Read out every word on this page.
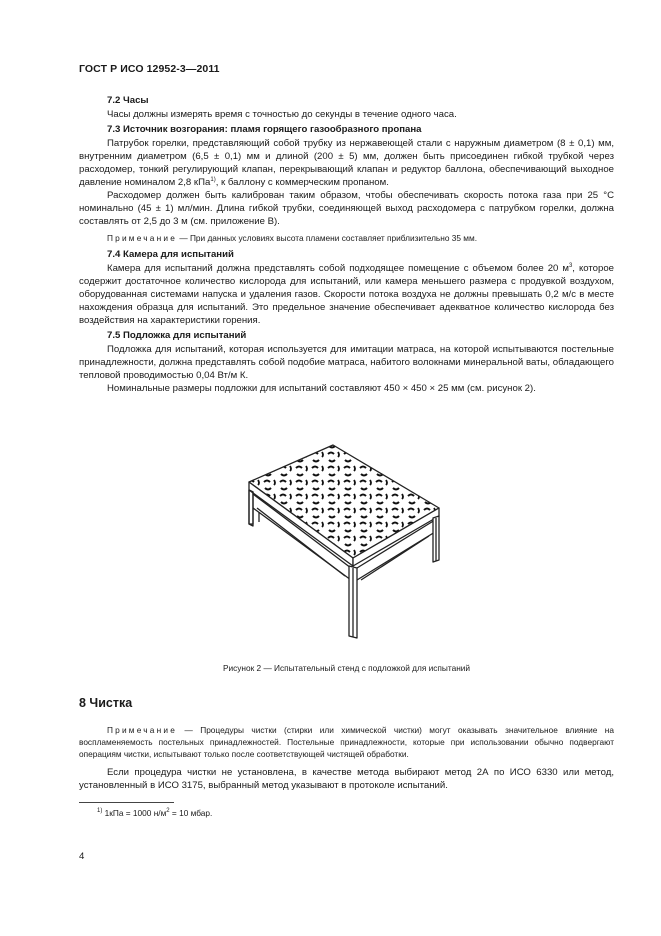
ГОСТ Р ИСО 12952-3—2011

7.2 Часы

Часы должны измерять время с точностью до секунды в течение одного часа.

7.3 Источник возгорания: пламя горящего газообразного пропана

Патрубок горелки, представляющий собой трубку из нержавеющей стали с наружным диаметром (8 ± 0,1) мм, внутренним диаметром (6,5 ± 0,1) мм и длиной (200 ± 5) мм, должен быть присоединен гибкой трубкой через расходомер, тонкий регулирующий клапан, перекрывающий клапан и редуктор баллона, обеспечивающий выходное давление номиналом 2,8 кПа$^{1)}$, к баллону с коммерческим пропаном.

Расходомер должен быть калиброван таким образом, чтобы обеспечивать скорость потока газа при 25 °С номинально (45 ± 1) мл/мин. Длина гибкой трубки, соединяющей выход расходомера с патрубком горелки, должна составлять от 2,5 до 3 м (см. приложение В).

Примечание — При данных условиях высота пламени составляет приблизительно 35 мм.

7.4 Камера для испытаний

Камера для испытаний должна представлять собой подходящее помещение с объемом более 20 $м^3$, которое содержит достаточное количество кислорода для испытаний, или камера меньшего размера с продувкой воздухом, оборудованная системами напуска и удаления газов. Скорости потока воздуха не должны превышать 0,2 м/с в месте нахождения образца для испытаний. Это предельное значение обеспечивает адекватное количество кислорода без воздействия на характеристики горения.

7.5 Подложка для испытаний

Подложка для испытаний, которая используется для имитации матраса, на которой испытываются постельные принадлежности, должна представлять собой подобие матраса, набитого волокнами минеральной ваты, обладающего тепловой проводимостью 0,04 Вт/м К.

Номинальные размеры подложки для испытаний составляют 450 × 450 × 25 мм (см. рисунок 2).

Рисунок 2 — Испытательный стенд с подложкой для испытаний
8 Чистка

Примечание — Процедуры чистки (стирки или химической чистки) могут оказывать значительное влияние на воспламеняемость постельных принадлежностей. Постельные принадлежности, которые при использовании обычно подвергают операциям чистки, испытывают только после соответствующей чистящей обработки.

Если процедура чистки не установлена, в качестве метода выбирают метод 2А по ИСО 6330 или метод, установленный в ИСО 3175, выбранный метод указывают в протоколе испытаний.

$^{1)}$ 1кПа = 1000 $н/м^2 = 10$ мбар.
4
